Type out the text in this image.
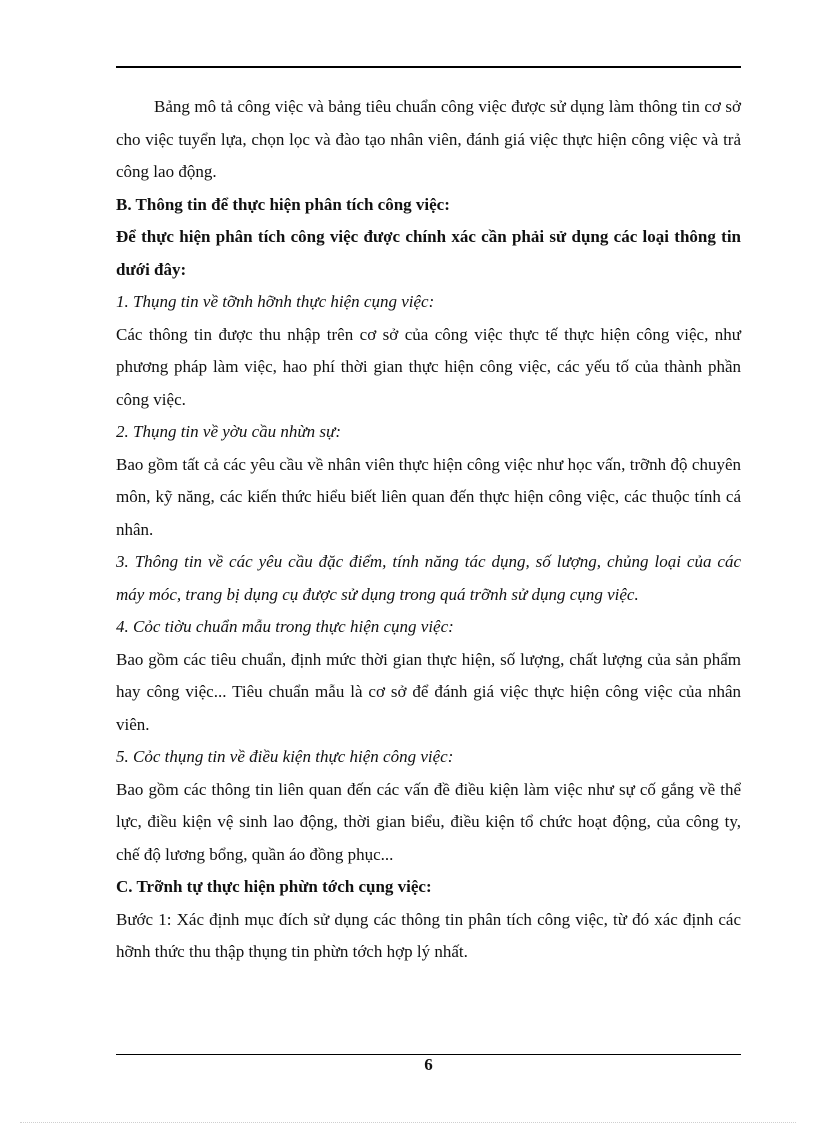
Bảng mô tả công việc và bảng tiêu chuẩn công việc được sử dụng làm thông tin cơ sở cho việc tuyển lựa, chọn lọc và đào tạo nhân viên, đánh giá việc thực hiện công việc và trả công lao động.

B. Thông tin để thực hiện phân tích công việc:

Để thực hiện phân tích công việc được chính xác cần phải sử dụng các loại thông tin dưới đây:

1. Thụng tin về tỡnh hỡnh thực hiện cụng việc:

Các thông tin được thu nhập trên cơ sở của công việc thực tế thực hiện công việc, như phương pháp làm việc, hao phí thời gian thực hiện công việc, các yếu tố của thành phần công việc.

2. Thụng tin về yờu cầu nhừn sự:

Bao gồm tất cả các yêu cầu về nhân viên thực hiện công việc như học vấn, trỡnh độ chuyên môn, kỹ năng, các kiến thức hiểu biết liên quan đến thực hiện công việc, các thuộc tính cá nhân.

3. Thông tin về các yêu cầu đặc điểm, tính năng tác dụng, số lượng, chủng loại của các máy móc, trang bị dụng cụ được sử dụng trong quá trỡnh sử dụng cụng việc.

4. Cỏc tiờu chuẩn mẫu trong thực hiện cụng việc:

Bao gồm các tiêu chuẩn, định mức thời gian thực hiện, số lượng, chất lượng của sản phẩm hay công việc... Tiêu chuẩn mẫu là cơ sở để đánh giá việc thực hiện công việc của nhân viên.

5. Cỏc thụng tin về điều kiện thực hiện công việc:

Bao gồm các thông tin liên quan đến các vấn đề điều kiện làm việc như sự cố gắng về thể lực, điều kiện vệ sinh lao động, thời gian biểu, điều kiện tổ chức hoạt động, của công ty, chế độ lương bổng, quần áo đồng phục...

C. Trỡnh tự thực hiện phừn tớch cụng việc:

Bước 1: Xác định mục đích sử dụng các thông tin phân tích công việc, từ đó xác định các hỡnh thức thu thập thụng tin phừn tớch hợp lý nhất.

6
